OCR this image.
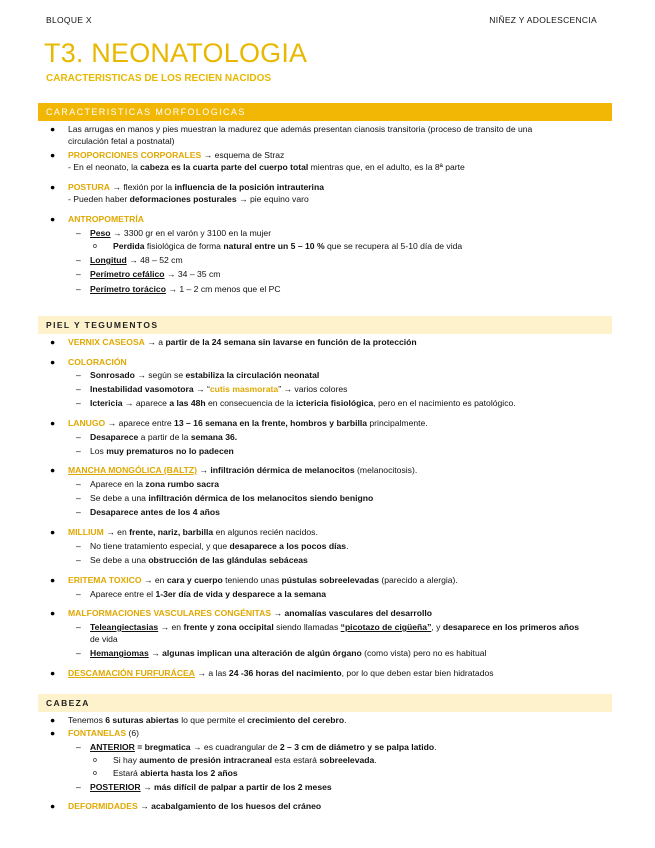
BLOQUE X	NIÑEZ Y ADOLESCENCIA
T3. NEONATOLOGIA
CARACTERISTICAS DE LOS RECIEN NACIDOS
CARACTERISTICAS MORFOLOGICAS
● Las arrugas en manos y pies muestran la madurez que además presentan cianosis transitoria (proceso de transito de una
circulación fetal a postnatal)
● PROPORCIONES CORPORALES → esquema de Straz
- En el neonato, la cabeza es la cuarta parte del cuerpo total mientras que, en el adulto, es la 8ª parte
● POSTURA → flexión por la influencia de la posición intrauterina
- Pueden haber deformaciones posturales → pie equino varo
● ANTROPOMETRÍA
– Peso → 3300 gr en el varón y 3100 en la mujer
o Perdida fisiológica de forma natural entre un 5 – 10 % que se recupera al 5-10 día de vida
– Longitud → 48 – 52 cm
– Perímetro cefálico → 34 – 35 cm
– Perímetro torácico → 1 – 2 cm menos que el PC
PIEL Y TEGUMENTOS
● VERNIX CASEOSA → a partir de la 24 semana sin lavarse en función de la protección
● COLORACIÓN
– Sonrosado → según se estabiliza la circulación neonatal
– Inestabilidad vasomotora → “cutis masmorata” → varios colores
– Ictericia → aparece a las 48h en consecuencia de la ictericia fisiológica, pero en el nacimiento es patológico.
● LANUGO → aparece entre 13 – 16 semana en la frente, hombros y barbilla principalmente.
– Desaparece a partir de la semana 36.
– Los muy prematuros no lo padecen
● MANCHA MONGÓLICA (BALTZ) → infiltración dérmica de melanocitos (melanocitosis).
– Aparece en la zona rumbo sacra
– Se debe a una infiltración dérmica de los melanocitos siendo benigno
– Desaparece antes de los 4 años
● MILLIUM → en frente, nariz, barbilla en algunos recién nacidos.
– No tiene tratamiento especial, y que desaparece a los pocos días.
– Se debe a una obstrucción de las glándulas sebáceas
● ERITEMA TOXICO → en cara y cuerpo teniendo unas pústulas sobreelevadas (parecido a alergia).
– Aparece entre el 1-3er día de vida y desparece a la semana
● MALFORMACIONES VASCULARES CONGÉNITAS → anomalías vasculares del desarrollo
– Teleangiectasias → en frente y zona occipital siendo llamadas “picotazo de cigüeña”, y desaparece en los primeros años
de vida
– Hemangiomas → algunas implican una alteración de algún órgano (como vista) pero no es habitual
● DESCAMACIÓN FURFURÁCEA → a las 24 -36 horas del nacimiento, por lo que deben estar bien hidratados
CABEZA
● Tenemos 6 suturas abiertas lo que permite el crecimiento del cerebro.
● FONTANELAS (6)
– ANTERIOR = bregmatica → es cuadrangular de 2 – 3 cm de diámetro y se palpa latido.
o Si hay aumento de presión intracraneal esta estará sobreelevada.
o Estará abierta hasta los 2 años
– POSTERIOR → más difícil de palpar a partir de los 2 meses
● DEFORMIDADES → acabalgamiento de los huesos del cráneo
